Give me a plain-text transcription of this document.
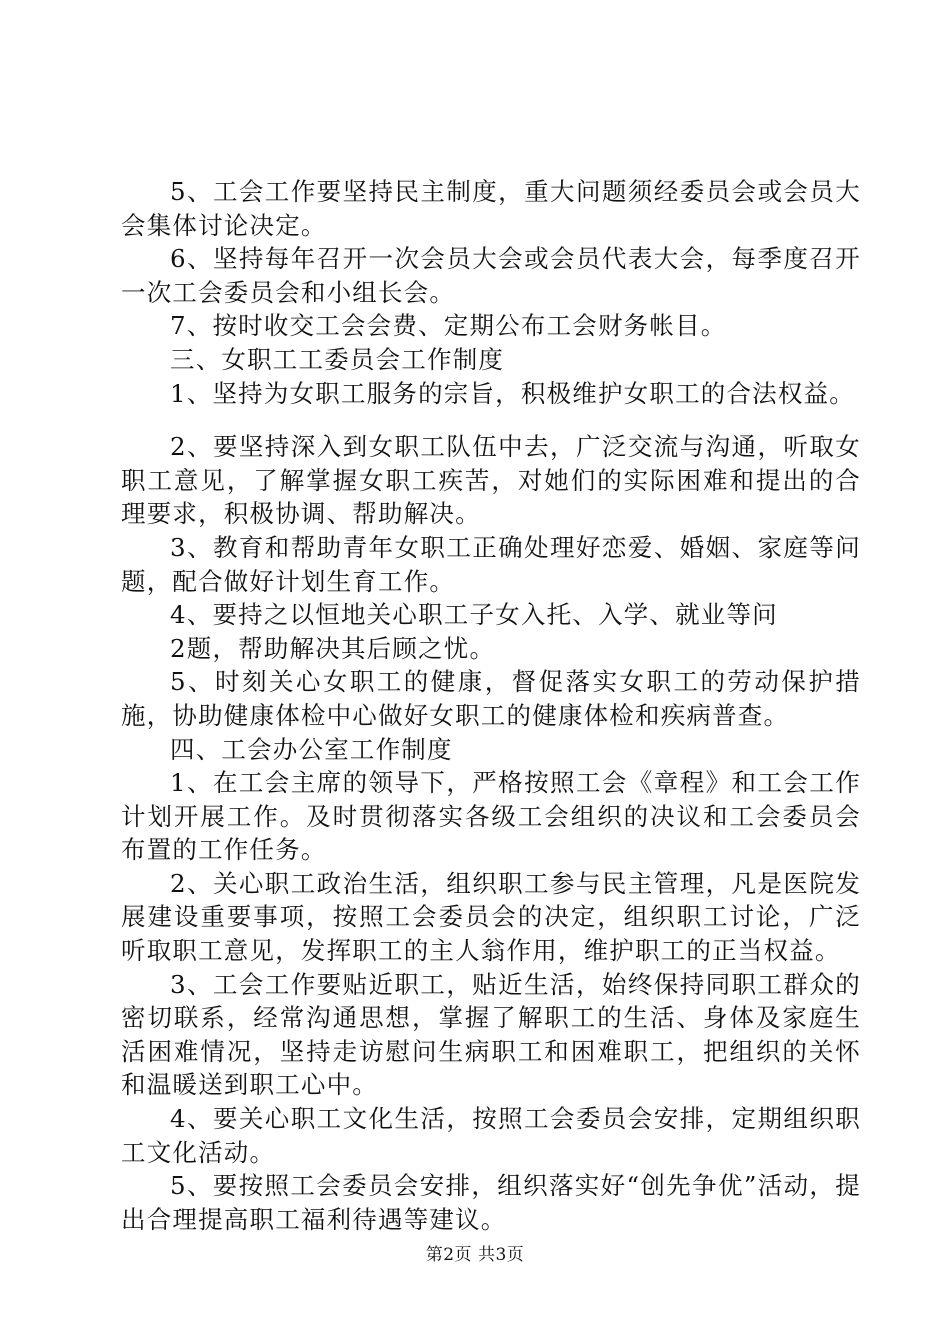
5、工会工作要坚持民主制度，重大问题须经委员会或会员大会集体讨论决定。

6、坚持每年召开一次会员大会或会员代表大会，每季度召开一次工会委员会和小组长会。

7、按时收交工会会费、定期公布工会财务帐目。

三、女职工工委员会工作制度

1、坚持为女职工服务的宗旨，积极维护女职工的合法权益。

2、要坚持深入到女职工队伍中去，广泛交流与沟通，听取女职工意见，了解掌握女职工疾苦，对她们的实际困难和提出的合理要求，积极协调、帮助解决。

3、教育和帮助青年女职工正确处理好恋爱、婚姻、家庭等问题，配合做好计划生育工作。

4、要持之以恒地关心职工子女入托、入学、就业等问

2题，帮助解决其后顾之忧。

5、时刻关心女职工的健康，督促落实女职工的劳动保护措施，协助健康体检中心做好女职工的健康体检和疾病普查。

四、工会办公室工作制度

1、在工会主席的领导下，严格按照工会《章程》和工会工作计划开展工作。及时贯彻落实各级工会组织的决议和工会委员会布置的工作任务。

2、关心职工政治生活，组织职工参与民主管理，凡是医院发展建设重要事项，按照工会委员会的决定，组织职工讨论，广泛听取职工意见，发挥职工的主人翁作用，维护职工的正当权益。

3、工会工作要贴近职工，贴近生活，始终保持同职工群众的密切联系，经常沟通思想，掌握了解职工的生活、身体及家庭生活困难情况，坚持走访慰问生病职工和困难职工，把组织的关怀和温暖送到职工心中。

4、要关心职工文化生活，按照工会委员会安排，定期组织职工文化活动。

5、要按照工会委员会安排，组织落实好“创先争优”活动，提出合理提高职工福利待遇等建议。

第2页 共3页
